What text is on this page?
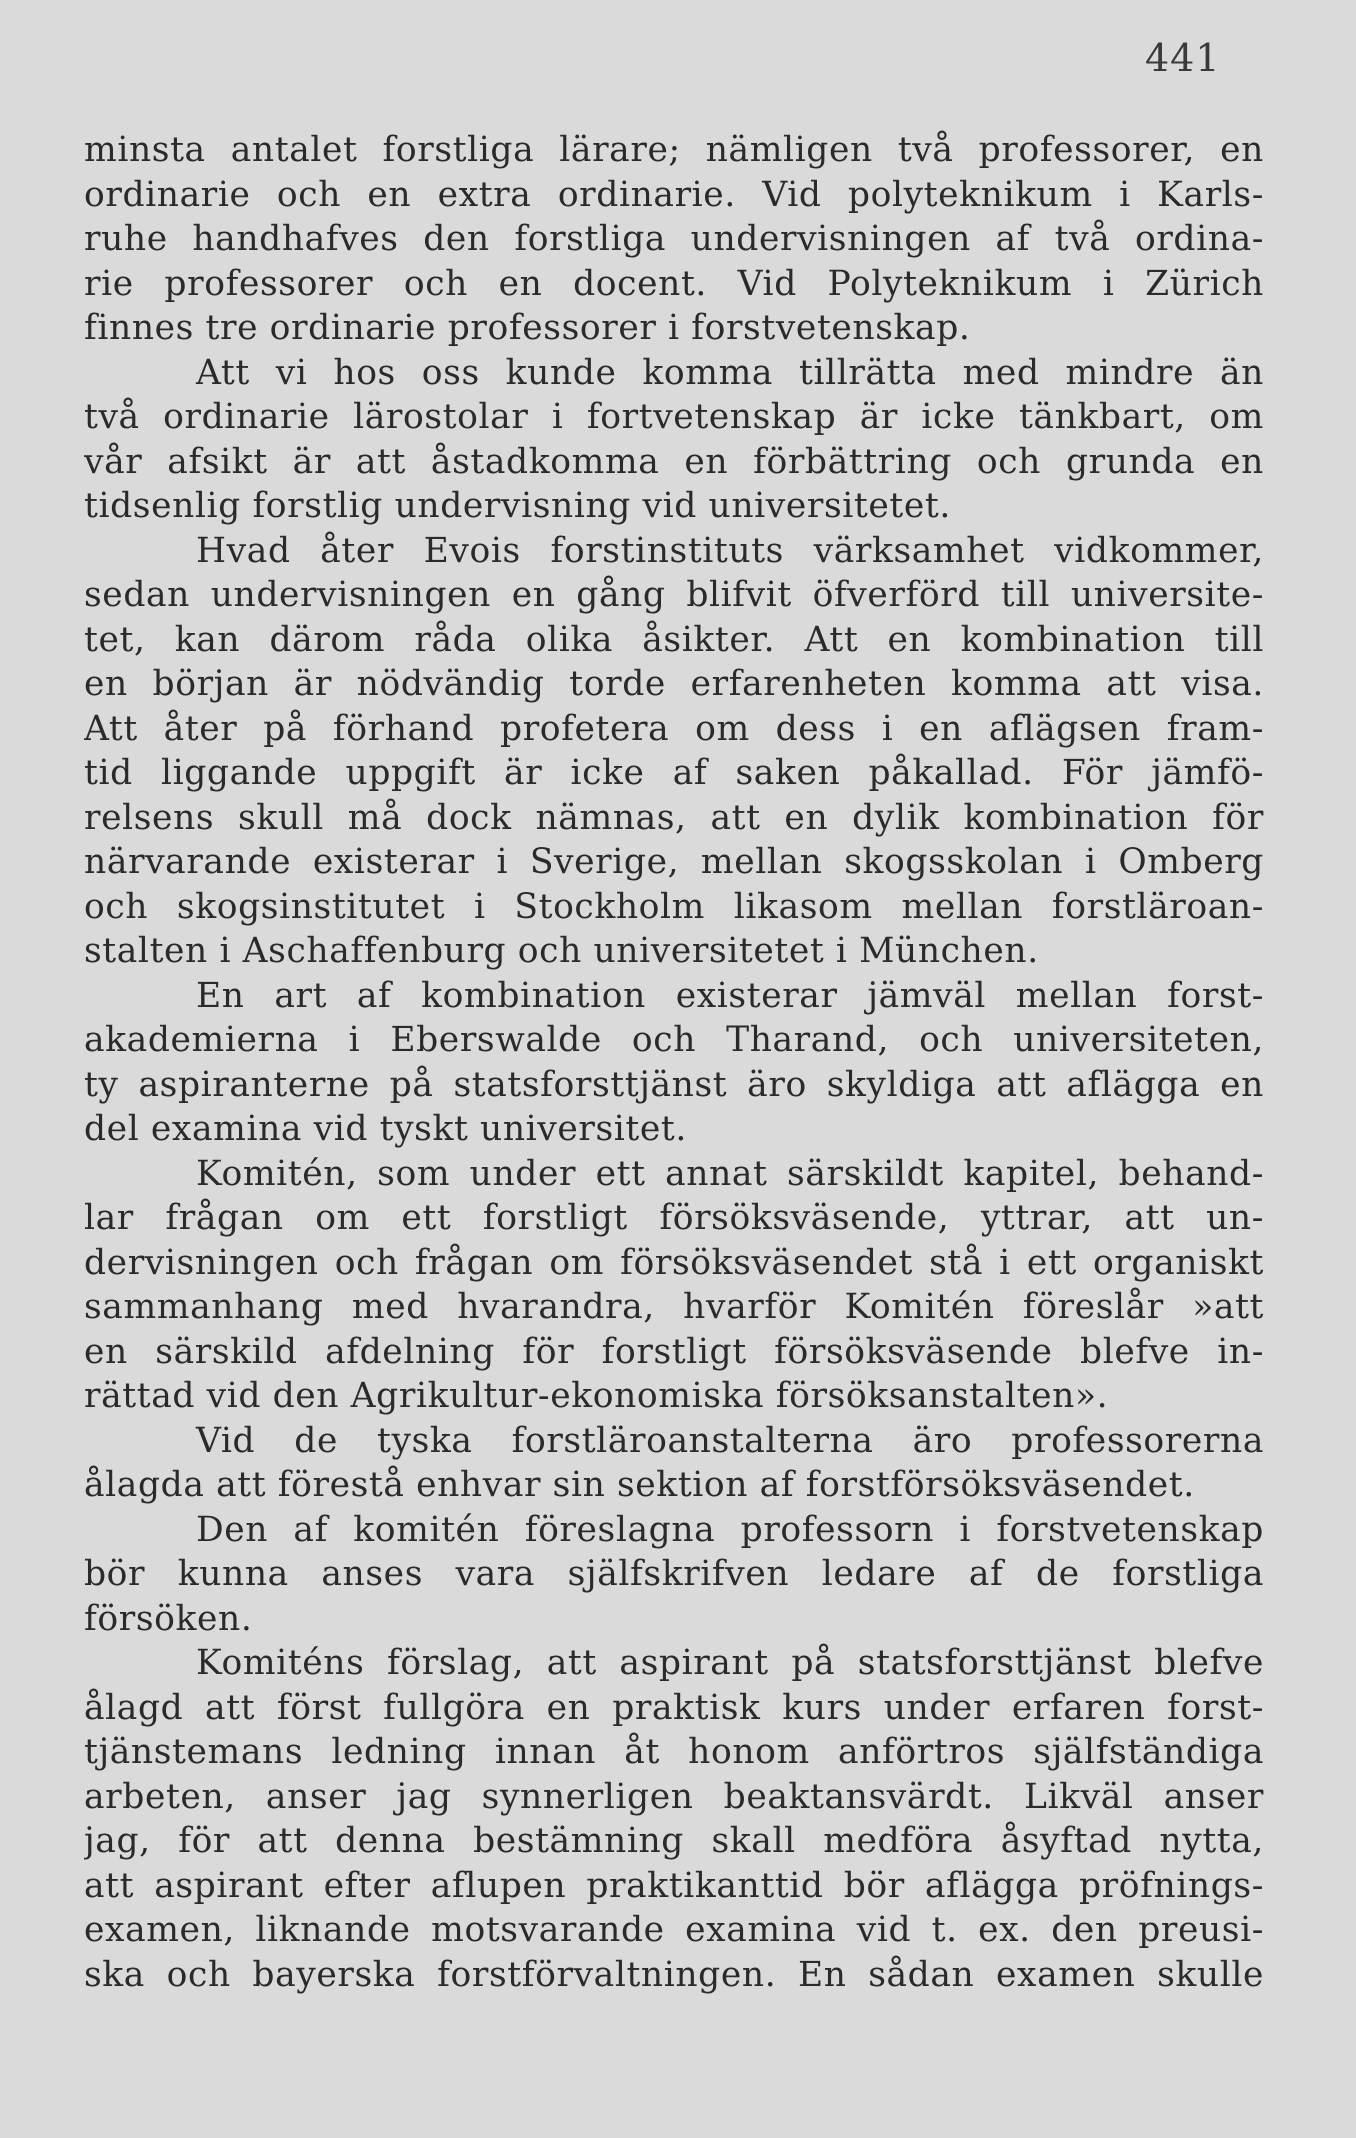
441
minsta antalet forstliga lärare; nämligen två professorer, en
ordinarie och en extra ordinarie. Vid polyteknikum i Karls-
ruhe handhafves den forstliga undervisningen af två ordina-
rie professorer och en docent. Vid Polyteknikum i Zürich
finnes tre ordinarie professorer i forstvetenskap.
Att vi hos oss kunde komma tillrätta med mindre än
två ordinarie lärostolar i fortvetenskap är icke tänkbart, om
vår afsikt är att åstadkomma en förbättring och grunda en
tidsenlig forstlig undervisning vid universitetet.
Hvad åter Evois forstinstituts värksamhet vidkommer,
sedan undervisningen en gång blifvit öfverförd till universite-
tet, kan därom råda olika åsikter. Att en kombination till
en början är nödvändig torde erfarenheten komma att visa.
Att åter på förhand profetera om dess i en aflägsen fram-
tid liggande uppgift är icke af saken påkallad. För jämfö-
relsens skull må dock nämnas, att en dylik kombination för
närvarande existerar i Sverige, mellan skogsskolan i Omberg
och skogsinstitutet i Stockholm likasom mellan forstläroan-
stalten i Aschaffenburg och universitetet i München.
En art af kombination existerar jämväl mellan forst-
akademierna i Eberswalde och Tharand, och universiteten,
ty aspiranterne på statsforsttjänst äro skyldiga att aflägga en
del examina vid tyskt universitet.
Komitén, som under ett annat särskildt kapitel, behand-
lar frågan om ett forstligt försöksväsende, yttrar, att un-
dervisningen och frågan om försöksväsendet stå i ett organiskt
sammanhang med hvarandra, hvarför Komitén föreslår »att
en särskild afdelning för forstligt försöksväsende blefve in-
rättad vid den Agrikultur-ekonomiska försöksanstalten».
Vid de tyska forstläroanstalterna äro professorerna
ålagda att förestå enhvar sin sektion af forstförsöksväsendet.
Den af komitén föreslagna professorn i forstvetenskap
bör kunna anses vara själfskrifven ledare af de forstliga
försöken.
Komiténs förslag, att aspirant på statsforsttjänst blefve
ålagd att först fullgöra en praktisk kurs under erfaren forst-
tjänstemans ledning innan åt honom anförtros själfständiga
arbeten, anser jag synnerligen beaktansvärdt. Likväl anser
jag, för att denna bestämning skall medföra åsyftad nytta,
att aspirant efter aflupen praktikanttid bör aflägga pröfnings-
examen, liknande motsvarande examina vid t. ex. den preusi-
ska och bayerska forstförvaltningen. En sådan examen skulle
